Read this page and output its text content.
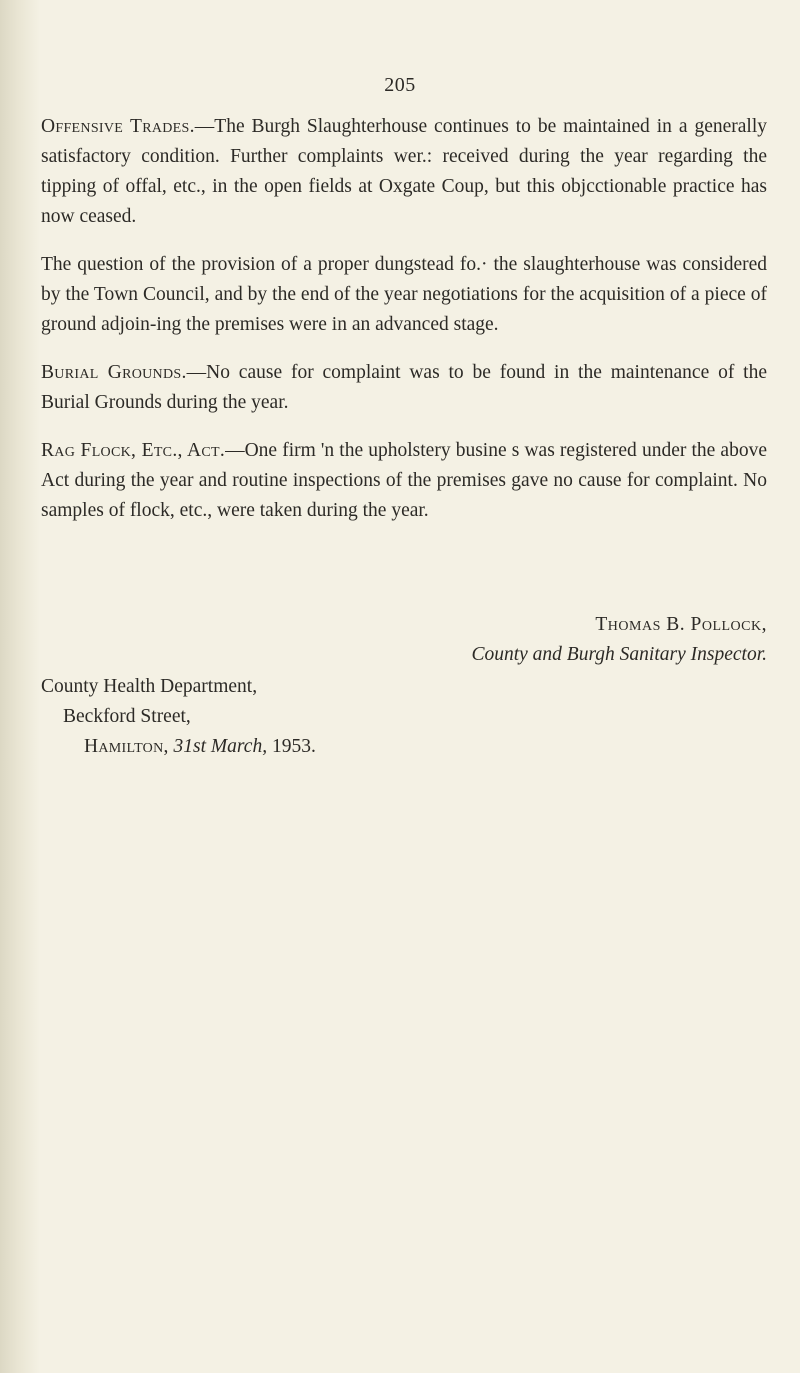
205

Offensive Trades.—The Burgh Slaughterhouse continues to be maintained in a generally satisfactory condition. Further complaints wer.: received during the year regarding the tipping of offal, etc., in the open fields at Oxgate Coup, but this objcctionable practice has now ceased.

The question of the provision of a proper dungstead fo.· the slaughterhouse was considered by the Town Council, and by the end of the year negotiations for the acquisition of a piece of ground adjoin-ing the premises were in an advanced stage.

Burial Grounds.—No cause for complaint was to be found in the maintenance of the Burial Grounds during the year.

Rag Flock, Etc., Act.—One firm 'n the upholstery busine s was registered under the above Act during the year and routine inspections of the premises gave no cause for complaint. No samples of flock, etc., were taken during the year.

Thomas B. Pollock,
County and Burgh Sanitary Inspector.
County Health Department,
Beckford Street,
Hamilton, 31st March, 1953.
